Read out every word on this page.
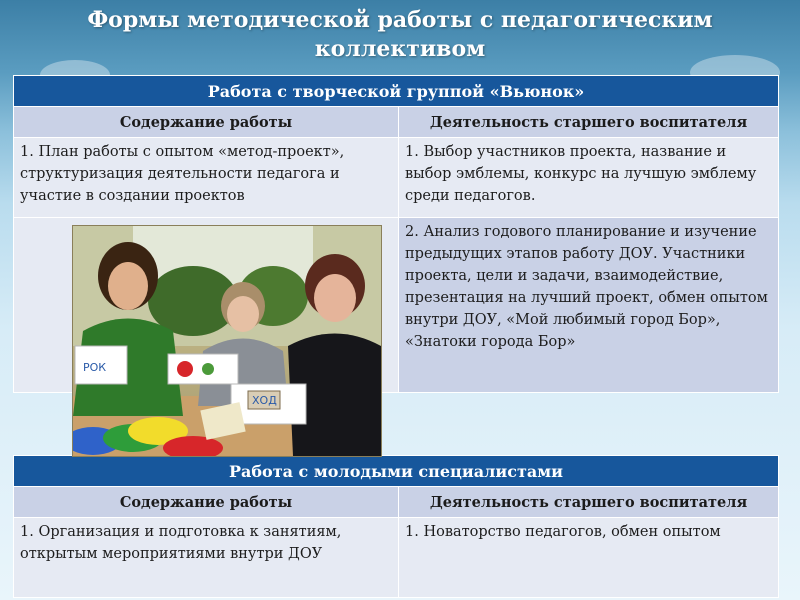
Формы методической работы с педагогическим коллективом
Работа с творческой группой «Вьюнок»	
Содержание работы	Деятельность старшего воспитателя
1. План работы с опытом «метод-проект», структуризация деятельности педагога и участие в создании проектов	1. Выбор участников проекта, название и выбор эмблемы, конкурс на лучшую эмблему среди педагогов.
	2. Анализ годового планирование и изучение предыдущих этапов работу ДОУ. Участники проекта, цели и задачи, взаимодействие, презентация на лучший проект, обмен опытом внутри ДОУ, «Мой любимый город Бор», «Знатоки города Бор»
Работа с молодыми специалистами	
Содержание работы	Деятельность старшего воспитателя
1. Организация и подготовка к занятиям, открытым мероприятиями внутри ДОУ	1. Новаторство педагогов, обмен опытом
РОК
ХОД
